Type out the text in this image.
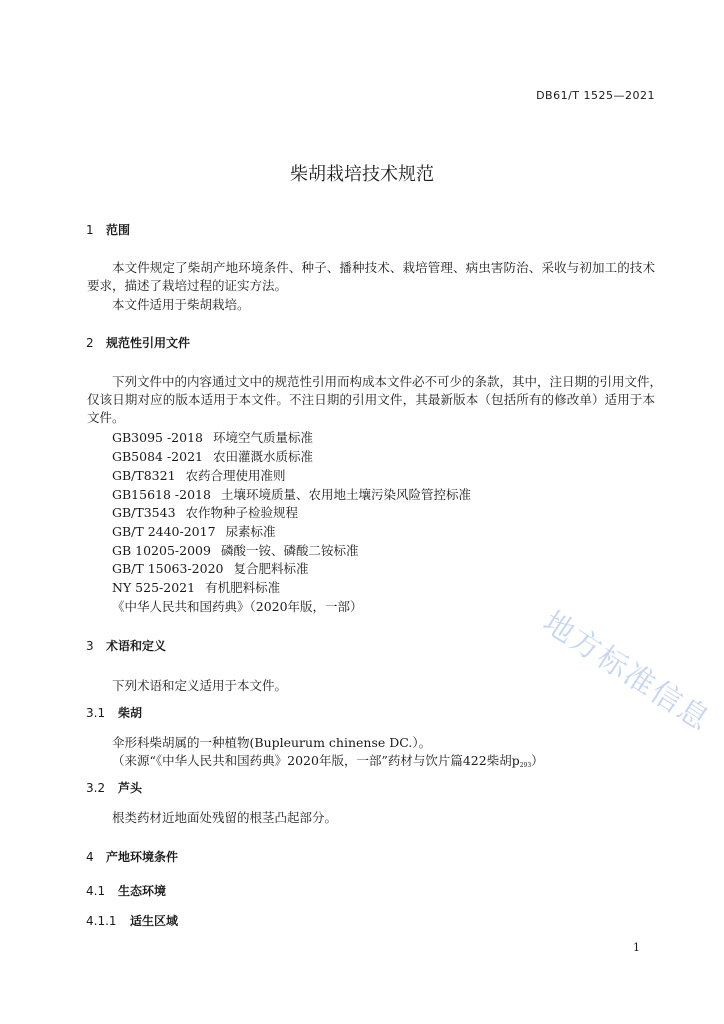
DB61/T 1525—2021
柴胡栽培技术规范
1 范围
本文件规定了柴胡产地环境条件、种子、播种技术、栽培管理、病虫害防治、采收与初加工的技术
要求，描述了栽培过程的证实方法。
本文件适用于柴胡栽培。
2 规范性引用文件
下列文件中的内容通过文中的规范性引用而构成本文件必不可少的条款，其中，注日期的引用文件，
仅该日期对应的版本适用于本文件。不注日期的引用文件，其最新版本（包括所有的修改单）适用于本
文件。
GB3095 -2018 环境空气质量标准
GB5084 -2021 农田灌溉水质标准
GB/T8321 农药合理使用准则
GB15618 -2018 土壤环境质量、农用地土壤污染风险管控标准
GB/T3543 农作物种子检验规程
GB/T 2440-2017 尿素标准
GB 10205-2009 磷酸一铵、磷酸二铵标准
GB/T 15063-2020 复合肥料标准
NY 525-2021 有机肥料标准
《中华人民共和国药典》（2020年版，一部）
3 术语和定义
下列术语和定义适用于本文件。
3.1 柴胡
伞形科柴胡属的一种植物(Bupleurum chinense DC.）。
（来源“《中华人民共和国药典》2020年版，一部”药材与饮片篇422柴胡$p_{293}$）
3.2 芦头
根类药材近地面处残留的根茎凸起部分。
4 产地环境条件
4.1 生态环境
4.1.1 适生区域
地方标准信息
1
